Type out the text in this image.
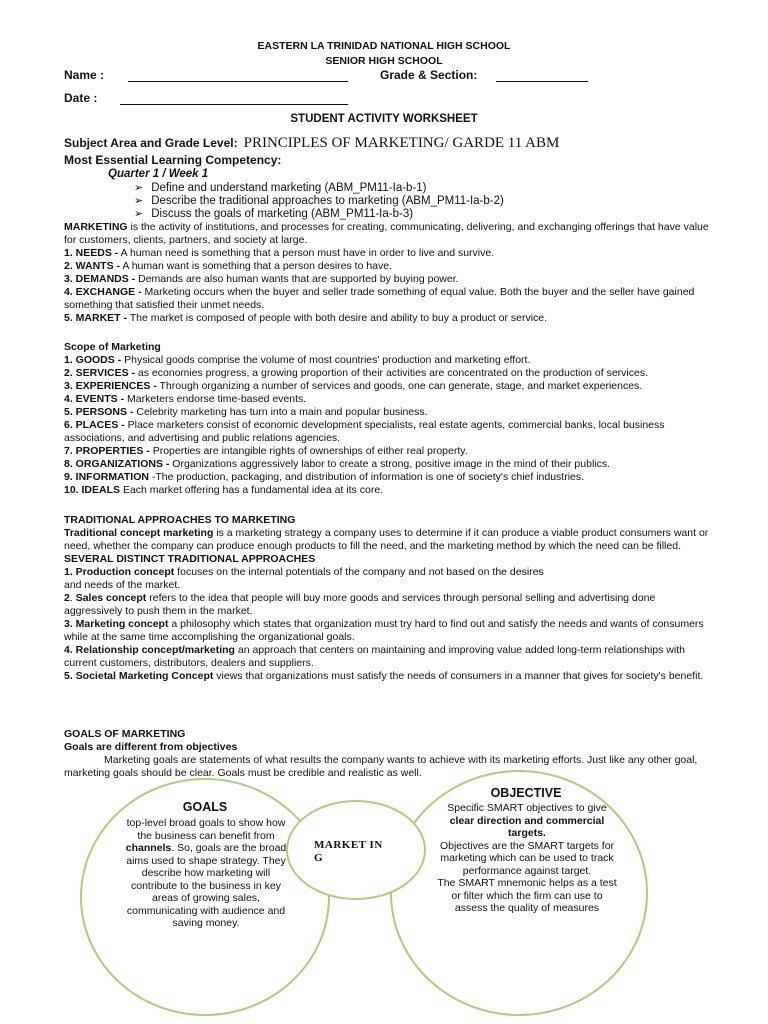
EASTERN LA TRINIDAD NATIONAL HIGH SCHOOL
SENIOR HIGH SCHOOL
Name :	Grade & Section:
Date :
STUDENT ACTIVITY WORKSHEET
Subject Area and Grade Level: PRINCIPLES OF MARKETING/ GARDE 11 ABM
Most Essential Learning Competency:
Quarter 1 / Week 1
➢ Define and understand marketing (ABM_PM11-Ia-b-1)
➢ Describe the traditional approaches to marketing (ABM_PM11-Ia-b-2)
➢ Discuss the goals of marketing (ABM_PM11-Ia-b-3)

MARKETING is the activity of institutions, and processes for creating, communicating, delivering, and exchanging offerings that have value for customers, clients, partners, and society at large.

1. NEEDS - A human need is something that a person must have in order to live and survive.

2. WANTS - A human want is something that a person desires to have.

3. DEMANDS - Demands are also human wants that are supported by buying power.

4. EXCHANGE - Marketing occurs when the buyer and seller trade something of equal value. Both the buyer and the seller have gained something that satisfied their unmet needs.

5. MARKET - The market is composed of people with both desire and ability to buy a product or service.

Scope of Marketing

1. GOODS - Physical goods comprise the volume of most countries' production and marketing effort.

2. SERVICES - as economies progress, a growing proportion of their activities are concentrated on the production of services.

3. EXPERIENCES - Through organizing a number of services and goods, one can generate, stage, and market experiences.

4. EVENTS - Marketers endorse time-based events.

5. PERSONS - Celebrity marketing has turn into a main and popular business.

6. PLACES - Place marketers consist of economic development specialists, real estate agents, commercial banks, local business associations, and advertising and public relations agencies.

7. PROPERTIES - Properties are intangible rights of ownerships of either real property.

8. ORGANIZATIONS - Organizations aggressively labor to create a strong, positive image in the mind of their publics.

9. INFORMATION -The production, packaging, and distribution of information is one of society's chief industries.

10. IDEALS Each market offering has a fundamental idea at its core.

TRADITIONAL APPROACHES TO MARKETING

Traditional concept marketing is a marketing strategy a company uses to determine if it can produce a viable product consumers want or need, whether the company can produce enough products to fill the need, and the marketing method by which the need can be filled.

SEVERAL DISTINCT TRADITIONAL APPROACHES

1. Production concept focuses on the internal potentials of the company and not based on the desires
and needs of the market.

2. Sales concept refers to the idea that people will buy more goods and services through personal selling and advertising done aggressively to push them in the market.

3. Marketing concept a philosophy which states that organization must try hard to find out and satisfy the needs and wants of consumers while at the same time accomplishing the organizational goals.

4. Relationship concept/marketing an approach that centers on maintaining and improving value added long-term relationships with current customers, distributors, dealers and suppliers.

5. Societal Marketing Concept views that organizations must satisfy the needs of consumers in a manner that gives for society's benefit.

GOALS OF MARKETING

Goals are different from objectives

Marketing goals are statements of what results the company wants to achieve with its marketing efforts. Just like any other goal, marketing goals should be clear. Goals must be credible and realistic as well.

GOALS
top-level broad goals to show how the business can benefit from channels. So, goals are the broad aims used to shape strategy. They describe how marketing will contribute to the business in key areas of growing sales, communicating with audience and saving money.
MARKET IN
G
OBJECTIVE
Specific SMART objectives to give clear direction and commercial targets.
Objectives are the SMART targets for marketing which can be used to track performance against target.
The SMART mnemonic helps as a test or filter which the firm can use to assess the quality of measures
